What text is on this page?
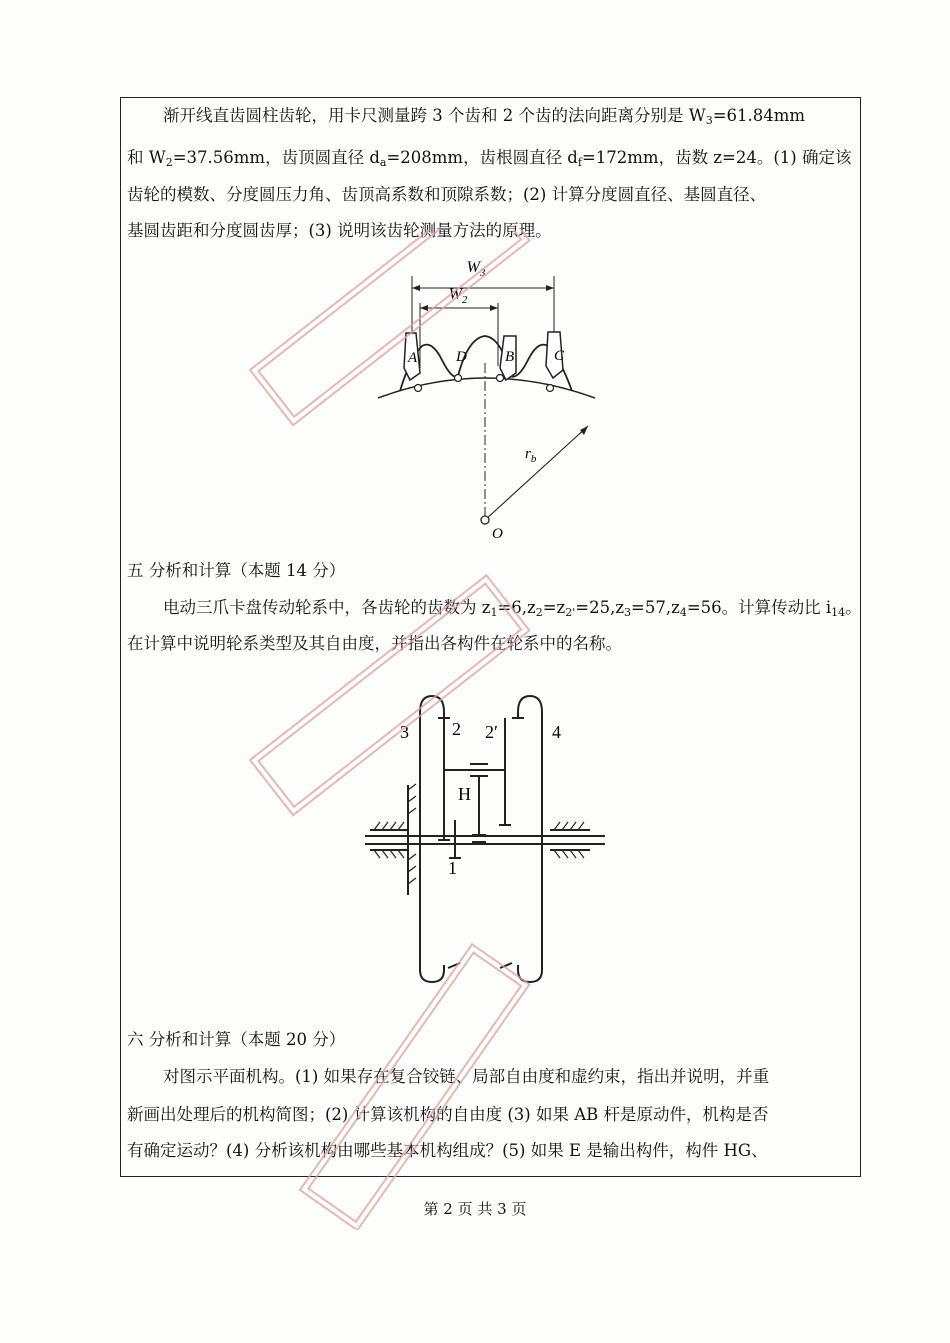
渐开线直齿圆柱齿轮，用卡尺测量跨 3 个齿和 2 个齿的法向距离分别是 $W_3=61.84mm$
和 $W_2=37.56mm$，齿顶圆直径 $d_a=208mm$，齿根圆直径 $d_f=172mm$，齿数 z=24。(1) 确定该
齿轮的模数、分度圆压力角、齿顶高系数和顶隙系数；(2) 计算分度圆直径、基圆直径、
基圆齿距和分度圆齿厚；(3) 说明该齿轮测量方法的原理。
$W_3$
$W_2$
A	D	B	C
$r_b$
O
五 分析和计算（本题 14 分）
电动三爪卡盘传动轮系中，各齿轮的齿数为 $z_1=6,z_2=z_{2'}=25,z_3=57,z_4=56$。计算传动比 $i_{14}$。
在计算中说明轮系类型及其自由度，并指出各构件在轮系中的名称。
3 2 2′	4
H
1
六 分析和计算（本题 20 分）
对图示平面机构。(1) 如果存在复合铰链、局部自由度和虚约束，指出并说明，并重
新画出处理后的机构简图；(2) 计算该机构的自由度 (3) 如果 AB 杆是原动件，机构是否
有确定运动？(4) 分析该机构由哪些基本机构组成？(5) 如果 E 是输出构件，构件 HG、
第 2 页 共 3 页
